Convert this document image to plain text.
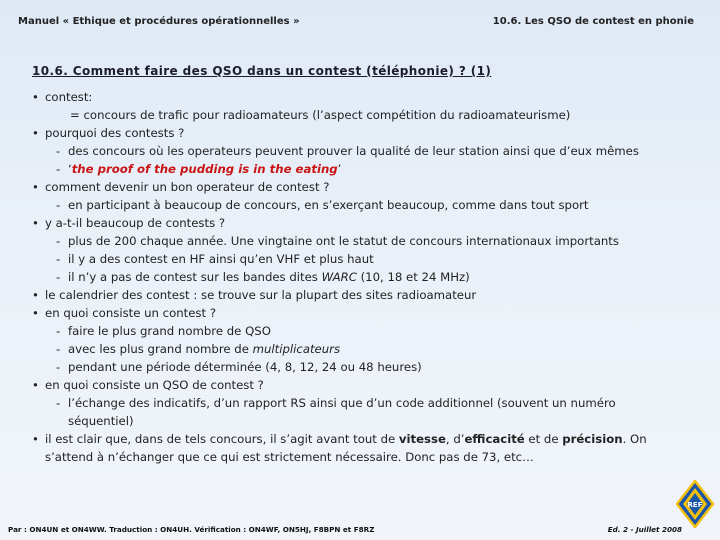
Manuel « Ethique et procédures opérationnelles »	10.6. Les QSO de contest en phonie
10.6. Comment faire des QSO dans un contest (téléphonie) ? (1)
• contest:
= concours de trafic pour radioamateurs (l’aspect compétition du radioamateurisme)
• pourquoi des contests ?
- des concours où les operateurs peuvent prouver la qualité de leur station ainsi que d’eux mêmes
- ‘the proof of the pudding is in the eating’
• comment devenir un bon operateur de contest ?
- en participant à beaucoup de concours, en s’exerçant beaucoup, comme dans tout sport
• y a-t-il beaucoup de contests ?
- plus de 200 chaque année. Une vingtaine ont le statut de concours internationaux importants
- il y a des contest en HF ainsi qu’en VHF et plus haut
- il n’y a pas de contest sur les bandes dites WARC (10, 18 et 24 MHz)
• le calendrier des contest : se trouve sur la plupart des sites radioamateur
• en quoi consiste un contest ?
- faire le plus grand nombre de QSO
- avec les plus grand nombre de multiplicateurs
- pendant une période déterminée (4, 8, 12, 24 ou 48 heures)
• en quoi consiste un QSO de contest ?
- l’échange des indicatifs, d’un rapport RS ainsi que d’un code additionnel (souvent un numéro
séquentiel)
• il est clair que, dans de tels concours, il s’agit avant tout de vitesse, d’efficacité et de précision. On
s’attend à n’échanger que ce qui est strictement nécessaire. Donc pas de 73, etc…
Par : ON4UN et ON4WW. Traduction : ON4UH. Vérification : ON4WF, ON5HJ, F8BPN et F8RZ	Ed. 2 - Juillet 2008
REF
